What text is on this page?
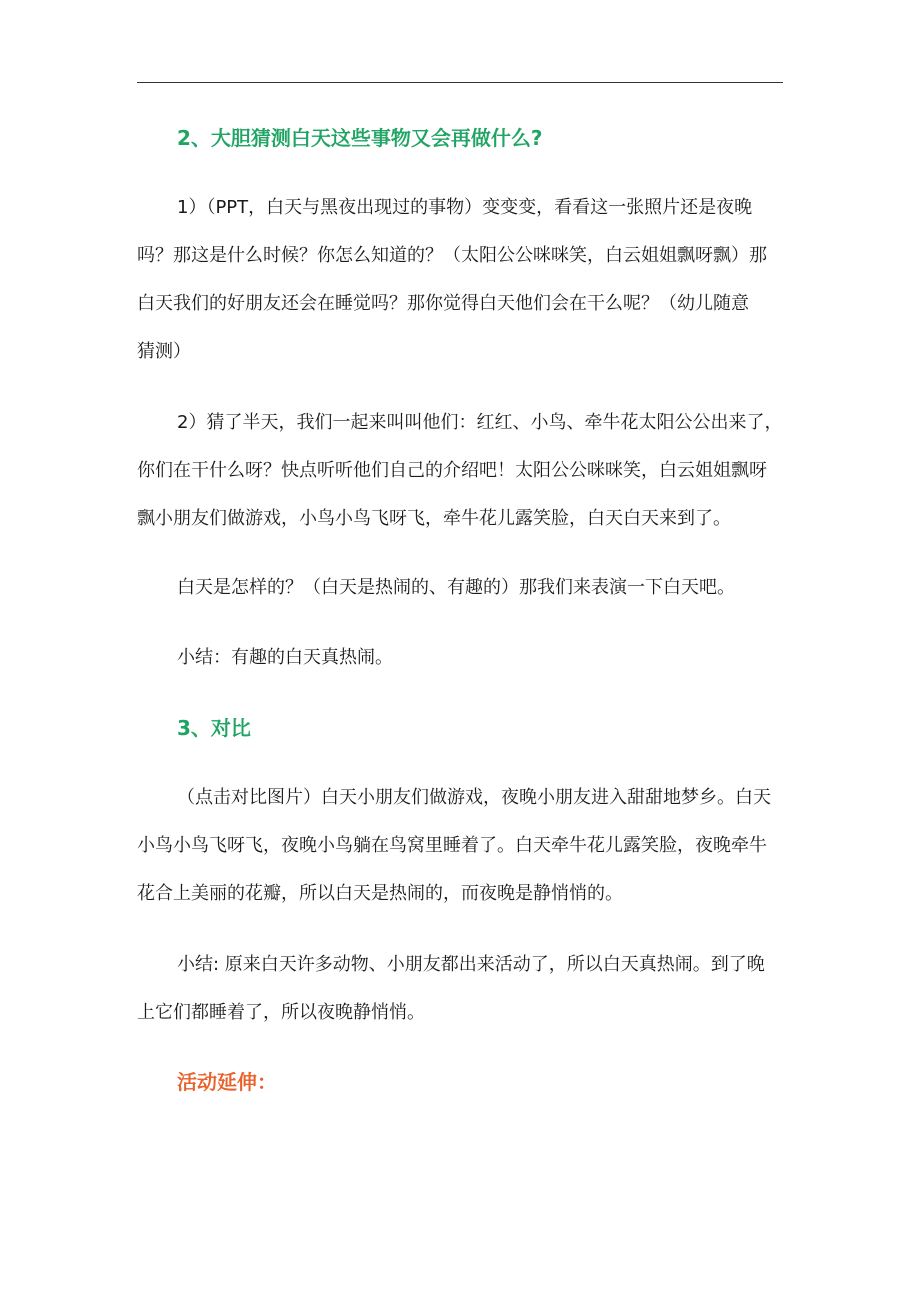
2、大胆猜测白天这些事物又会再做什么?
1）（PPT，白天与黑夜出现过的事物）变变变，看看这一张照片还是夜晚
吗？那这是什么时候？你怎么知道的？（太阳公公咪咪笑，白云姐姐飘呀飘）那
白天我们的好朋友还会在睡觉吗？那你觉得白天他们会在干么呢？（幼儿随意
猜测）
2）猜了半天，我们一起来叫叫他们：红红、小鸟、牵牛花太阳公公出来了，
你们在干什么呀？快点听听他们自己的介绍吧！太阳公公咪咪笑，白云姐姐飘呀
飘小朋友们做游戏，小鸟小鸟飞呀飞，牵牛花儿露笑脸，白天白天来到了。
白天是怎样的？（白天是热闹的、有趣的）那我们来表演一下白天吧。
小结：有趣的白天真热闹。
3、对比
（点击对比图片）白天小朋友们做游戏，夜晚小朋友进入甜甜地梦乡。白天
小鸟小鸟飞呀飞，夜晚小鸟躺在鸟窝里睡着了。白天牵牛花儿露笑脸，夜晚牵牛
花合上美丽的花瓣，所以白天是热闹的，而夜晚是静悄悄的。
小结: 原来白天许多动物、小朋友都出来活动了，所以白天真热闹。到了晚
上它们都睡着了，所以夜晚静悄悄。
活动延伸：
